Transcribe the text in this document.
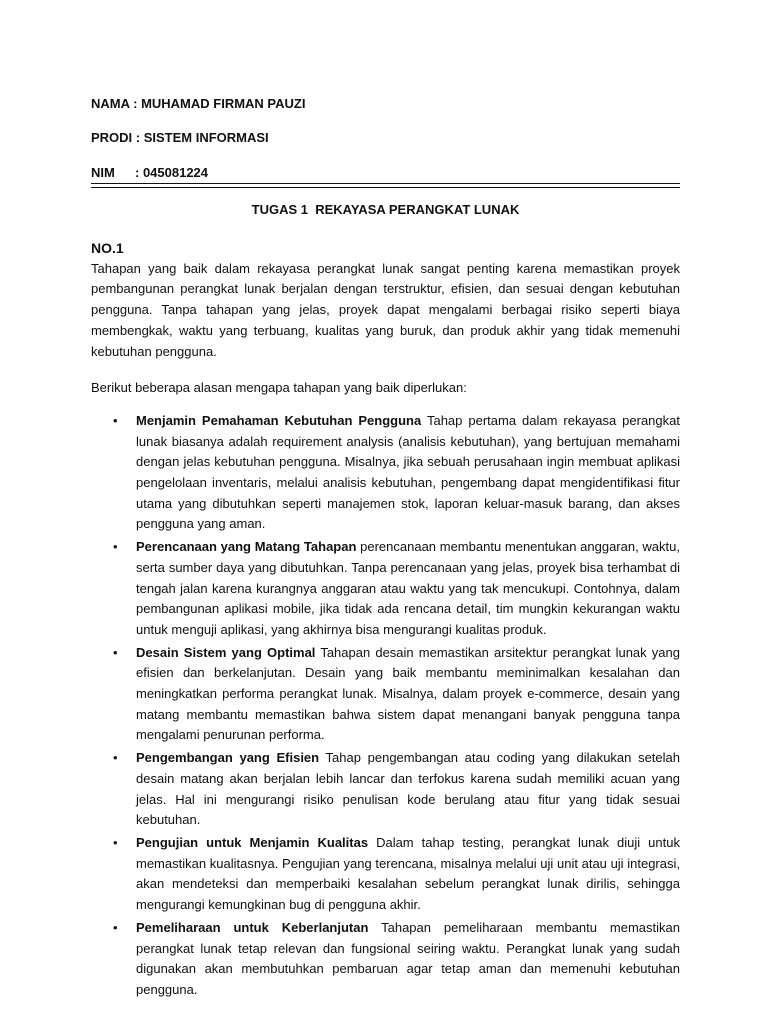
NAMA : MUHAMAD FIRMAN PAUZI
PRODI : SISTEM INFORMASI
NIM : 045081224
TUGAS 1  REKAYASA PERANGKAT LUNAK

NO.1

Tahapan yang baik dalam rekayasa perangkat lunak sangat penting karena memastikan proyek pembangunan perangkat lunak berjalan dengan terstruktur, efisien, dan sesuai dengan kebutuhan pengguna. Tanpa tahapan yang jelas, proyek dapat mengalami berbagai risiko seperti biaya membengkak, waktu yang terbuang, kualitas yang buruk, dan produk akhir yang tidak memenuhi kebutuhan pengguna.

Berikut beberapa alasan mengapa tahapan yang baik diperlukan:

• Menjamin Pemahaman Kebutuhan Pengguna Tahap pertama dalam rekayasa perangkat lunak biasanya adalah requirement analysis (analisis kebutuhan), yang bertujuan memahami dengan jelas kebutuhan pengguna. Misalnya, jika sebuah perusahaan ingin membuat aplikasi pengelolaan inventaris, melalui analisis kebutuhan, pengembang dapat mengidentifikasi fitur utama yang dibutuhkan seperti manajemen stok, laporan keluar-masuk barang, dan akses pengguna yang aman.
• Perencanaan yang Matang Tahapan perencanaan membantu menentukan anggaran, waktu, serta sumber daya yang dibutuhkan. Tanpa perencanaan yang jelas, proyek bisa terhambat di tengah jalan karena kurangnya anggaran atau waktu yang tak mencukupi. Contohnya, dalam pembangunan aplikasi mobile, jika tidak ada rencana detail, tim mungkin kekurangan waktu untuk menguji aplikasi, yang akhirnya bisa mengurangi kualitas produk.
• Desain Sistem yang Optimal Tahapan desain memastikan arsitektur perangkat lunak yang efisien dan berkelanjutan. Desain yang baik membantu meminimalkan kesalahan dan meningkatkan performa perangkat lunak. Misalnya, dalam proyek e-commerce, desain yang matang membantu memastikan bahwa sistem dapat menangani banyak pengguna tanpa mengalami penurunan performa.
• Pengembangan yang Efisien Tahap pengembangan atau coding yang dilakukan setelah desain matang akan berjalan lebih lancar dan terfokus karena sudah memiliki acuan yang jelas. Hal ini mengurangi risiko penulisan kode berulang atau fitur yang tidak sesuai kebutuhan.
• Pengujian untuk Menjamin Kualitas Dalam tahap testing, perangkat lunak diuji untuk memastikan kualitasnya. Pengujian yang terencana, misalnya melalui uji unit atau uji integrasi, akan mendeteksi dan memperbaiki kesalahan sebelum perangkat lunak dirilis, sehingga mengurangi kemungkinan bug di pengguna akhir.
• Pemeliharaan untuk Keberlanjutan Tahapan pemeliharaan membantu memastikan perangkat lunak tetap relevan dan fungsional seiring waktu. Perangkat lunak yang sudah digunakan akan membutuhkan pembaruan agar tetap aman dan memenuhi kebutuhan pengguna.
